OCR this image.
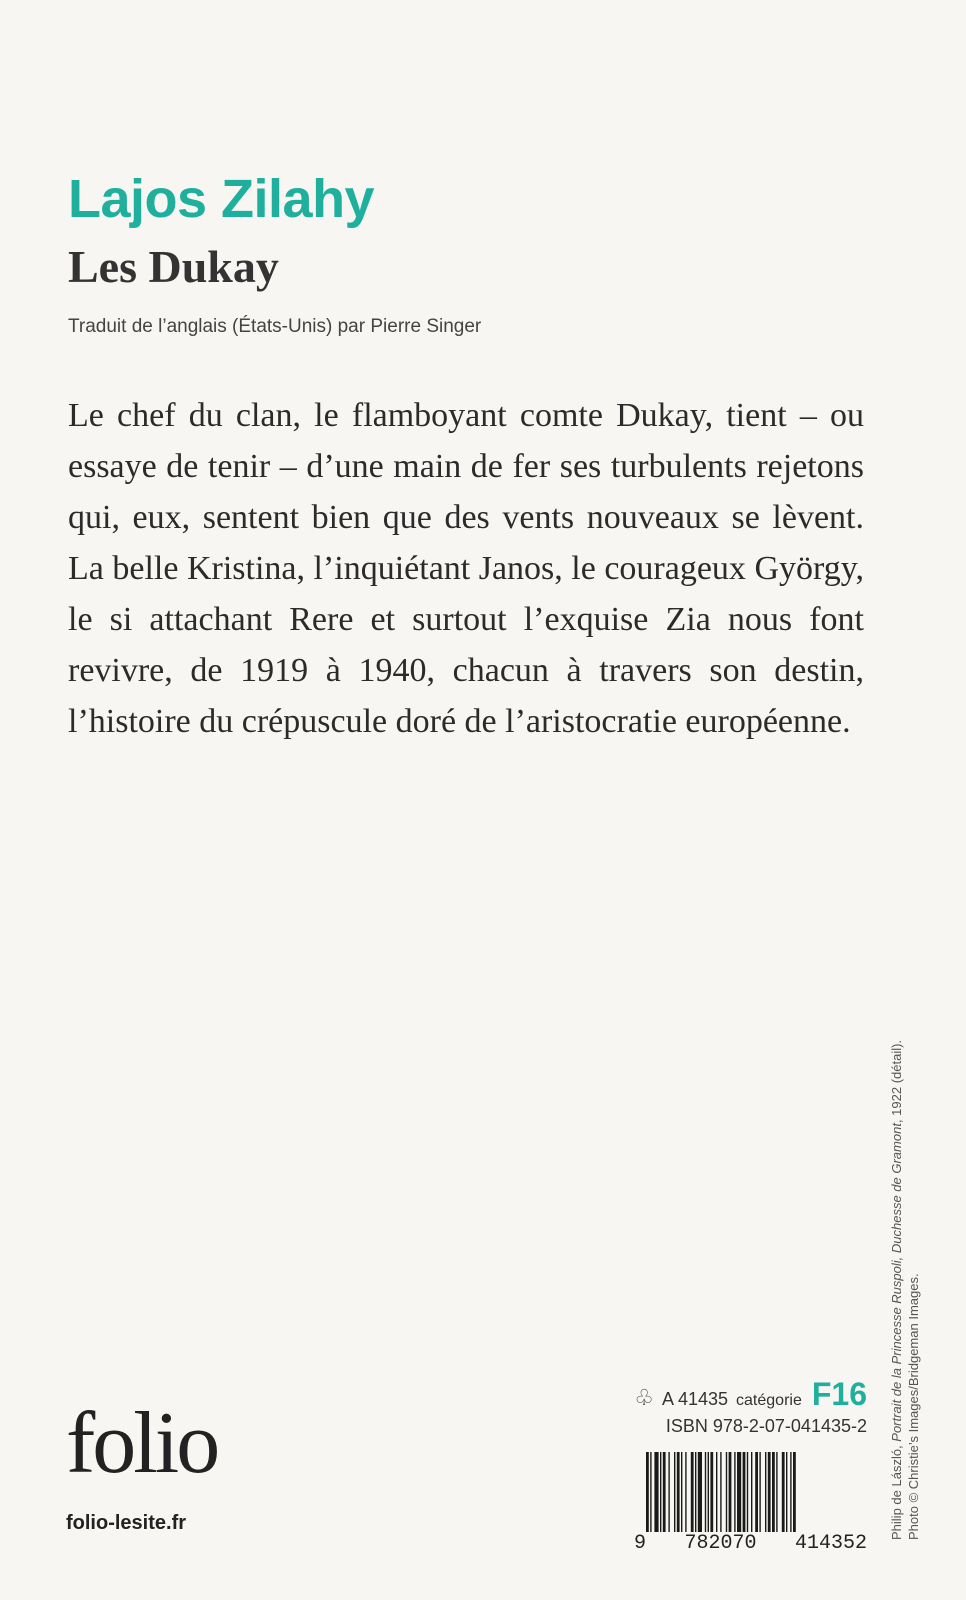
Lajos Zilahy
Les Dukay

Traduit de l’anglais (États-Unis) par Pierre Singer

Le chef du clan, le flamboyant comte Dukay, tient – ou essaye de tenir – d’une main de fer ses turbulents rejetons qui, eux, sentent bien que des vents nouveaux se lèvent. La belle Kristina, l’inquiétant Janos, le courageux György, le si attachant Rere et surtout l’exquise Zia nous font revivre, de 1919 à 1940, chacun à travers son destin, l’histoire du crépuscule doré de l’aristocratie européenne.

Philip de László, Portrait de la Princesse Ruspoli, Duchesse de Gramont, 1922 (détail).
Photo © Christie’s Images/Bridgeman Images.
♧ A 41435 catégorie F16
ISBN 978-2-07-041435-2
9 782070 414352
folio
folio-lesite.fr
